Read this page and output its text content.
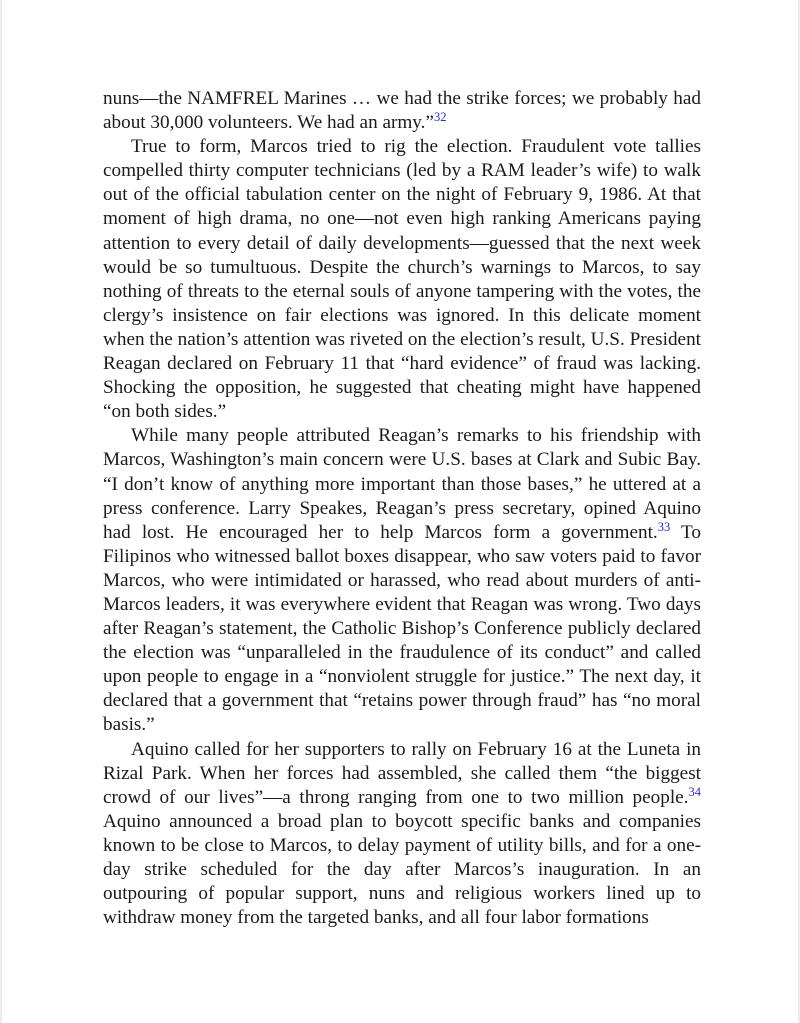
nuns—the NAMFREL Marines … we had the strike forces; we probably had about 30,000 volunteers. We had an army.”$^{32}$

True to form, Marcos tried to rig the election. Fraudulent vote tallies compelled thirty computer technicians (led by a RAM leader’s wife) to walk out of the official tabulation center on the night of February 9, 1986. At that moment of high drama, no one—not even high ranking Americans paying attention to every detail of daily developments—guessed that the next week would be so tumultuous. Despite the church’s warnings to Marcos, to say nothing of threats to the eternal souls of anyone tampering with the votes, the clergy’s insistence on fair elections was ignored. In this delicate moment when the nation’s attention was riveted on the election’s result, U.S. President Reagan declared on February 11 that “hard evidence” of fraud was lacking. Shocking the opposition, he suggested that cheating might have happened “on both sides.”

While many people attributed Reagan’s remarks to his friendship with Marcos, Washington’s main concern were U.S. bases at Clark and Subic Bay. “I don’t know of anything more important than those bases,” he uttered at a press conference. Larry Speakes, Reagan’s press secretary, opined Aquino had lost. He encouraged her to help Marcos form a government.$^{33}$ To Filipinos who witnessed ballot boxes disappear, who saw voters paid to favor Marcos, who were intimidated or harassed, who read about murders of anti-Marcos leaders, it was everywhere evident that Reagan was wrong. Two days after Reagan’s statement, the Catholic Bishop’s Conference publicly declared the election was “unparalleled in the fraudulence of its conduct” and called upon people to engage in a “nonviolent struggle for justice.” The next day, it declared that a government that “retains power through fraud” has “no moral basis.”

Aquino called for her supporters to rally on February 16 at the Luneta in Rizal Park. When her forces had assembled, she called them “the biggest crowd of our lives”—a throng ranging from one to two million people.$^{34}$ Aquino announced a broad plan to boycott specific banks and companies known to be close to Marcos, to delay payment of utility bills, and for a one-day strike scheduled for the day after Marcos’s inauguration. In an outpouring of popular support, nuns and religious workers lined up to withdraw money from the targeted banks, and all four labor formations
